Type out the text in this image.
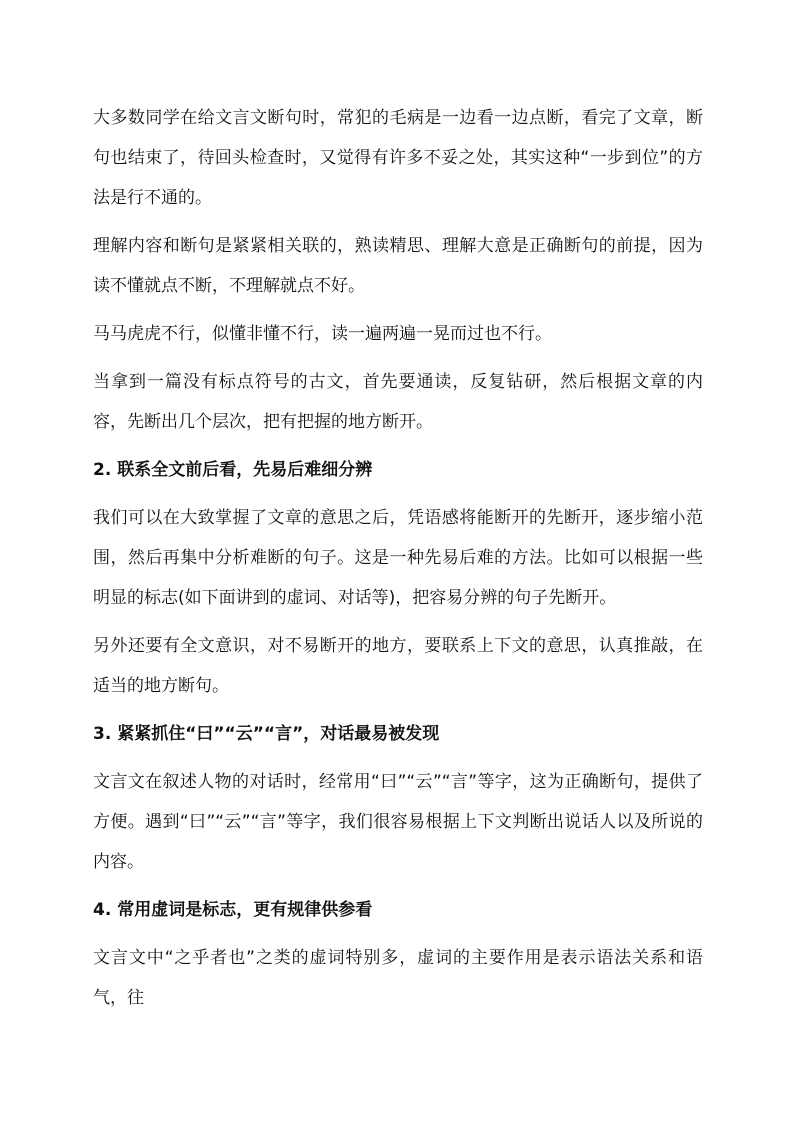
大多数同学在给文言文断句时，常犯的毛病是一边看一边点断，看完了文章，断句也结束了，待回头检查时，又觉得有许多不妥之处，其实这种“一步到位”的方法是行不通的。

理解内容和断句是紧紧相关联的，熟读精思、理解大意是正确断句的前提，因为读不懂就点不断，不理解就点不好。

马马虎虎不行，似懂非懂不行，读一遍两遍一晃而过也不行。

当拿到一篇没有标点符号的古文，首先要通读，反复钻研，然后根据文章的内容，先断出几个层次，把有把握的地方断开。

2. 联系全文前后看，先易后难细分辨

我们可以在大致掌握了文章的意思之后，凭语感将能断开的先断开，逐步缩小范围，然后再集中分析难断的句子。这是一种先易后难的方法。比如可以根据一些明显的标志(如下面讲到的虚词、对话等)，把容易分辨的句子先断开。

另外还要有全文意识，对不易断开的地方，要联系上下文的意思，认真推敲，在适当的地方断句。

3. 紧紧抓住“曰”“云”“言”，对话最易被发现

文言文在叙述人物的对话时，经常用“曰”“云”“言”等字，这为正确断句，提供了方便。遇到“曰”“云”“言”等字，我们很容易根据上下文判断出说话人以及所说的内容。

4. 常用虚词是标志，更有规律供参看

文言文中“之乎者也”之类的虚词特别多，虚词的主要作用是表示语法关系和语气，往
